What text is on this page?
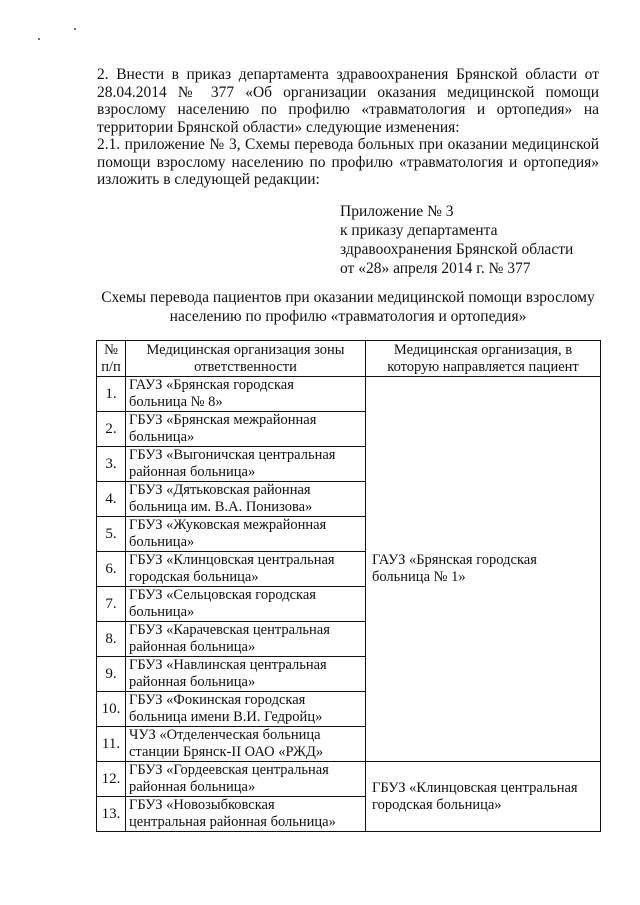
2. Внести в приказ департамента здравоохранения Брянской области от
28.04.2014 № 377 «Об организации оказания медицинской помощи
взрослому населению по профилю «травматология и ортопедия» на
территории Брянской области» следующие изменения:
2.1. приложение № 3, Схемы перевода больных при оказании медицинской
помощи взрослому населению по профилю «травматология и ортопедия»
изложить в следующей редакции:
Приложение № 3
к приказу департамента
здравоохранения Брянской области
от «28» апреля 2014 г. № 377
Схемы перевода пациентов при оказании медицинской помощи взрослому
населению по профилю «травматология и ортопедия»
№
п/п	Медицинская организация зоны
ответственности	Медицинская организация, в
которую направляется пациент

1.	ГАУЗ «Брянская городская
больница № 8»	ГАУЗ «Брянская городская
больница № 1»

2.	ГБУЗ «Брянская межрайонная
больница»	

3.	ГБУЗ «Выгоничская центральная
районная больница»	

4.	ГБУЗ «Дятьковская районная
больница им. В.А. Понизова»	

5.	ГБУЗ «Жуковская межрайонная
больница»	

6.	ГБУЗ «Клинцовская центральная
городская больница»	

7.	ГБУЗ «Сельцовская городская
больница»	

8.	ГБУЗ «Карачевская центральная
районная больница»	

9.	ГБУЗ «Навлинская центральная
районная больница»	

10.	ГБУЗ «Фокинская городская
больница имени В.И. Гедройц»	

11.	ЧУЗ «Отделенческая больница
станции Брянск-II ОАО «РЖД»	

12.	ГБУЗ «Гордеевская центральная
районная больница»	ГБУЗ «Клинцовская центральная
городская больница»

13.	ГБУЗ «Новозыбковская
центральная районная больница»	
